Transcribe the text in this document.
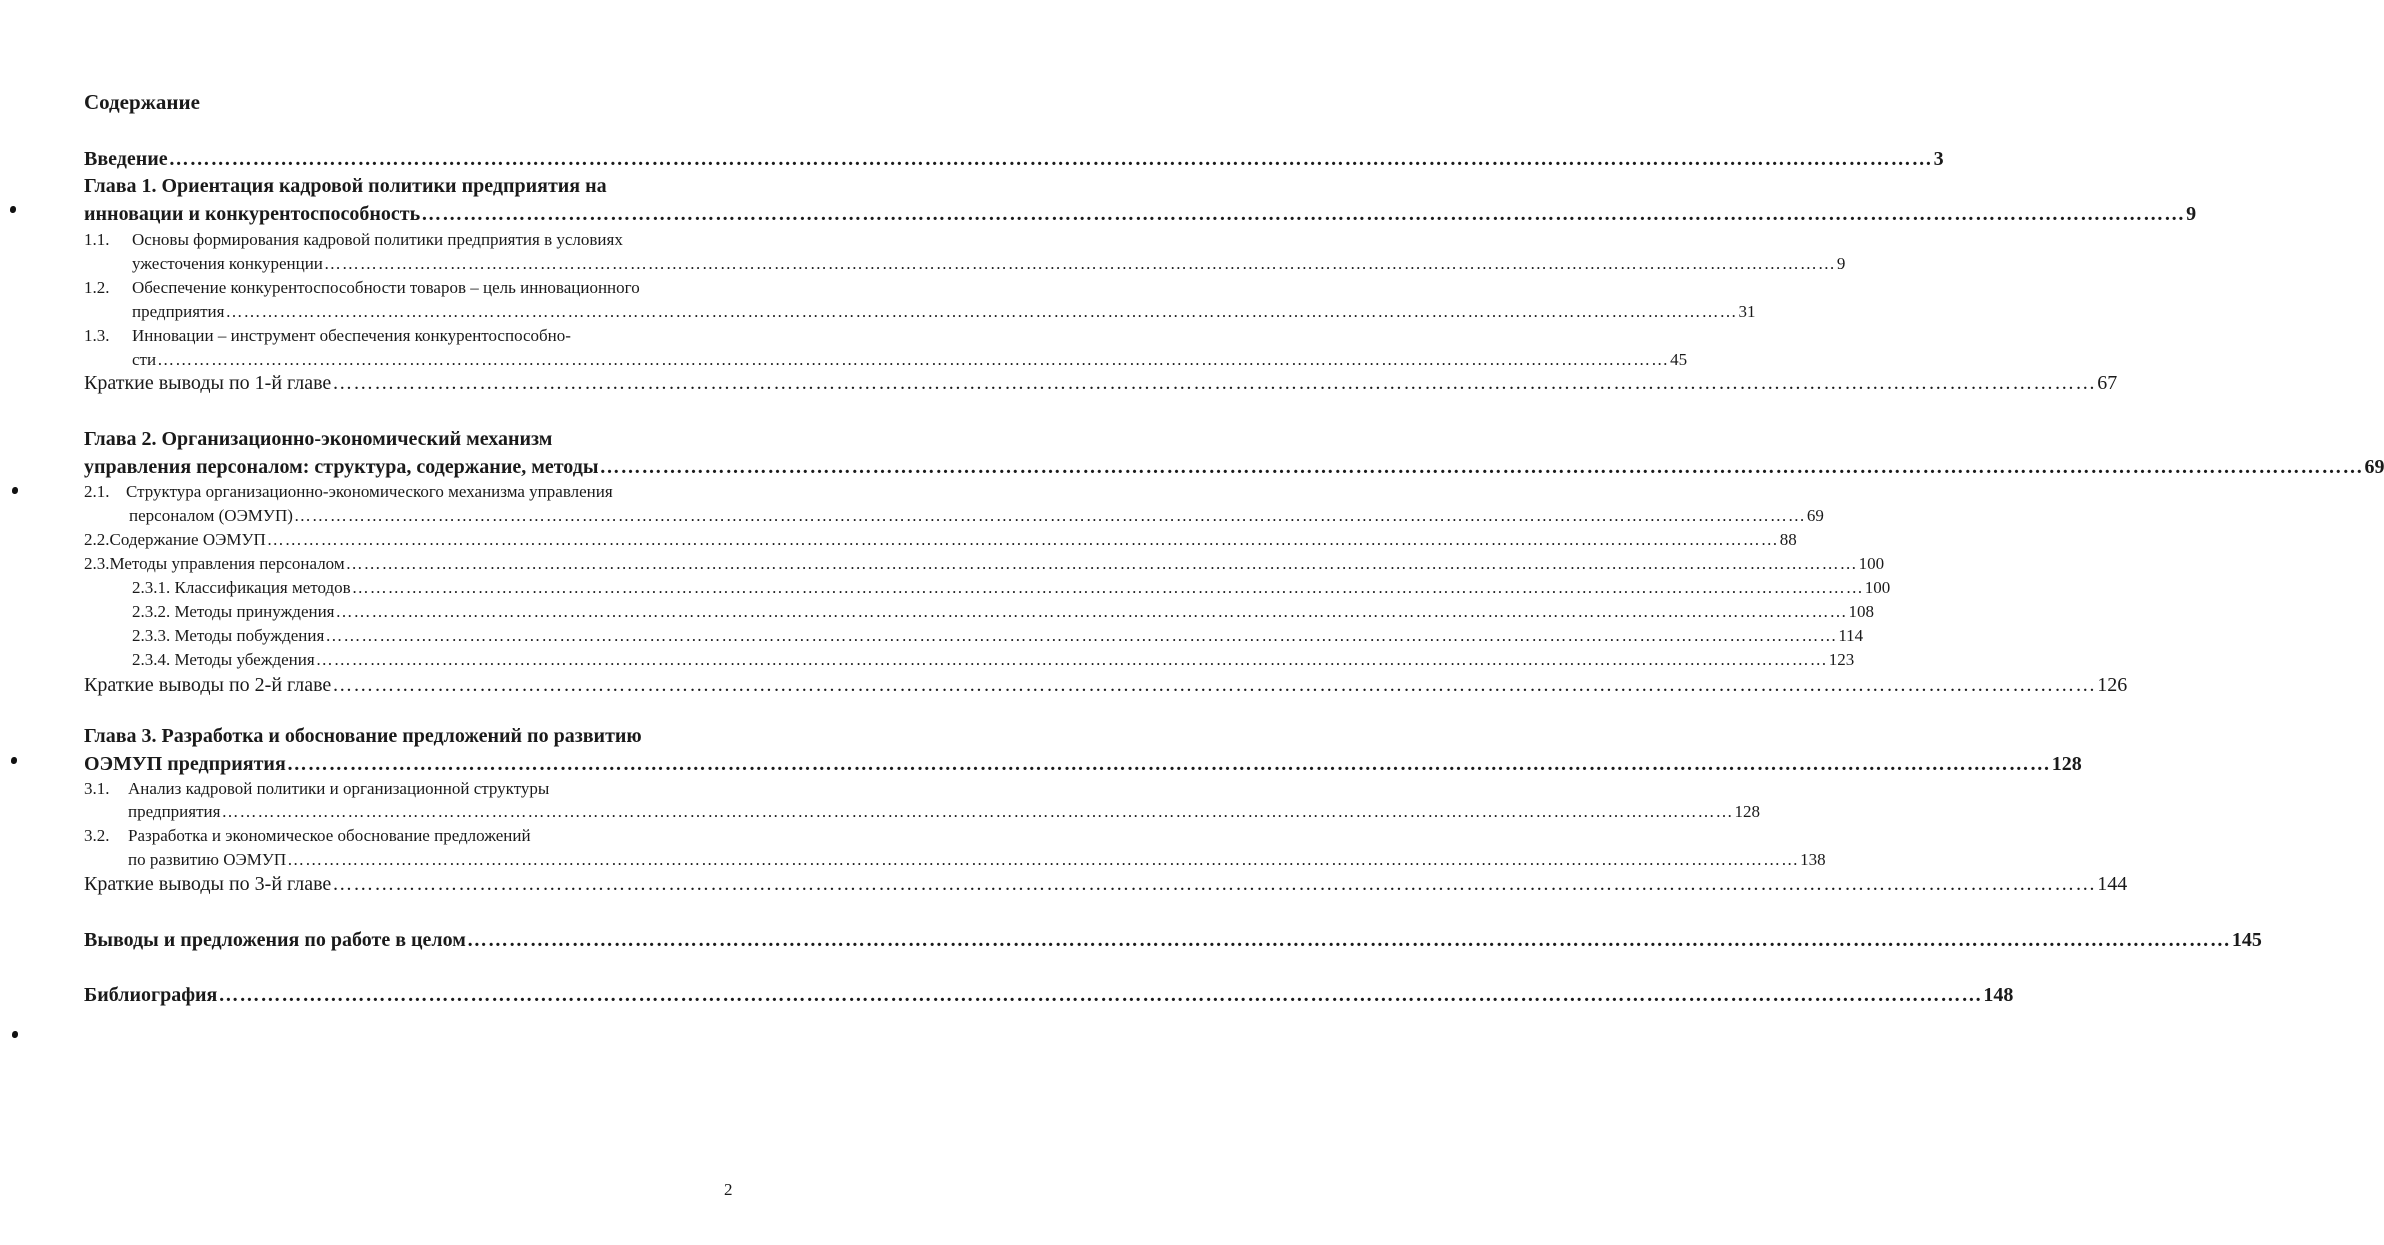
Содержание
Введение ……………………………………………………………………………………………………………………………………………………………………………………………………………………………… 3
Глава 1. Ориентация кадровой политики предприятия на
инновации и конкурентоспособность ……………………………………………………………………………………………………………………………………………………………………………………………………………………………… 9
1.1. Основы формирования кадровой политики предприятия в условиях
ужесточения конкуренции ……………………………………………………………………………………………………………………………………………………………………………………………………………………………… 9
1.2. Обеспечение конкурентоспособности товаров – цель инновационного
предприятия ……………………………………………………………………………………………………………………………………………………………………………………………………………………………… 31
1.3. Инновации – инструмент обеспечения конкурентоспособно-
сти ……………………………………………………………………………………………………………………………………………………………………………………………………………………………… 45
Краткие выводы по 1-й главе ……………………………………………………………………………………………………………………………………………………………………………………………………………………………… 67
Глава 2. Организационно-экономический механизм
управления персоналом: структура, содержание, методы ……………………………………………………………………………………………………………………………………………………………………………………………………………………………… 69
2.1. Структура организационно-экономического механизма управления
персоналом (ОЭМУП) ……………………………………………………………………………………………………………………………………………………………………………………………………………………………… 69
2.2. Содержание ОЭМУП ……………………………………………………………………………………………………………………………………………………………………………………………………………………………… 88
2.3. Методы управления персоналом ……………………………………………………………………………………………………………………………………………………………………………………………………………………………… 100
2.3.1. Классификация методов ……………………………………………………………………………………………………………………………………………………………………………………………………………………………… 100
2.3.2. Методы принуждения ……………………………………………………………………………………………………………………………………………………………………………………………………………………………… 108
2.3.3. Методы побуждения ……………………………………………………………………………………………………………………………………………………………………………………………………………………………… 114
2.3.4. Методы убеждения ……………………………………………………………………………………………………………………………………………………………………………………………………………………………… 123
Краткие выводы по 2-й главе ……………………………………………………………………………………………………………………………………………………………………………………………………………………………… 126
Глава 3. Разработка и обоснование предложений по развитию
ОЭМУП предприятия ……………………………………………………………………………………………………………………………………………………………………………………………………………………………… 128
3.1. Анализ кадровой политики и организационной структуры
предприятия ……………………………………………………………………………………………………………………………………………………………………………………………………………………………… 128
3.2. Разработка и экономическое обоснование предложений
по развитию ОЭМУП ……………………………………………………………………………………………………………………………………………………………………………………………………………………………… 138
Краткие выводы по 3-й главе ……………………………………………………………………………………………………………………………………………………………………………………………………………………………… 144
Выводы и предложения по работе в целом ……………………………………………………………………………………………………………………………………………………………………………………………………………………………… 145
Библиография ……………………………………………………………………………………………………………………………………………………………………………………………………………………………… 148
2
